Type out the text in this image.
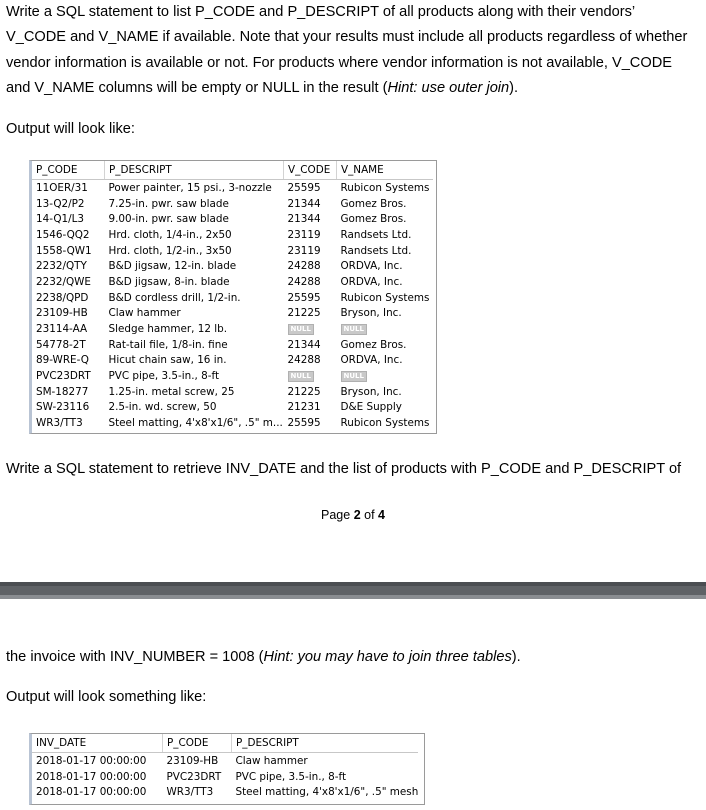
Write a SQL statement to list P_CODE and P_DESCRIPT of all products along with their vendors’ V_CODE and V_NAME if available. Note that your results must include all products regardless of whether vendor information is available or not. For products where vendor information is not available, V_CODE and V_NAME columns will be empty or NULL in the result (Hint: use outer join).

Output will look like:

P_CODE	P_DESCRIPT	V_CODE	V_NAME
11OER/31	Power painter, 15 psi., 3-nozzle	25595	Rubicon Systems
13-Q2/P2	7.25-in. pwr. saw blade	21344	Gomez Bros.
14-Q1/L3	9.00-in. pwr. saw blade	21344	Gomez Bros.
1546-QQ2	Hrd. cloth, 1/4-in., 2x50	23119	Randsets Ltd.
1558-QW1	Hrd. cloth, 1/2-in., 3x50	23119	Randsets Ltd.
2232/QTY	B&D jigsaw, 12-in. blade	24288	ORDVA, Inc.
2232/QWE	B&D jigsaw, 8-in. blade	24288	ORDVA, Inc.
2238/QPD	B&D cordless drill, 1/2-in.	25595	Rubicon Systems
23109-HB	Claw hammer	21225	Bryson, Inc.
23114-AA	Sledge hammer, 12 lb.	NULL	NULL
54778-2T	Rat-tail file, 1/8-in. fine	21344	Gomez Bros.
89-WRE-Q	Hicut chain saw, 16 in.	24288	ORDVA, Inc.
PVC23DRT	PVC pipe, 3.5-in., 8-ft	NULL	NULL
SM-18277	1.25-in. metal screw, 25	21225	Bryson, Inc.
SW-23116	2.5-in. wd. screw, 50	21231	D&E Supply
WR3/TT3	Steel matting, 4'x8'x1/6", .5" m...	25595	Rubicon Systems

Write a SQL statement to retrieve INV_DATE and the list of products with P_CODE and P_DESCRIPT of

Page 2 of 4

the invoice with INV_NUMBER = 1008 (Hint: you may have to join three tables).

Output will look something like:

INV_DATE	P_CODE	P_DESCRIPT
2018-01-17 00:00:00	23109-HB	Claw hammer
2018-01-17 00:00:00	PVC23DRT	PVC pipe, 3.5-in., 8-ft
2018-01-17 00:00:00	WR3/TT3	Steel matting, 4'x8'x1/6", .5" mesh
